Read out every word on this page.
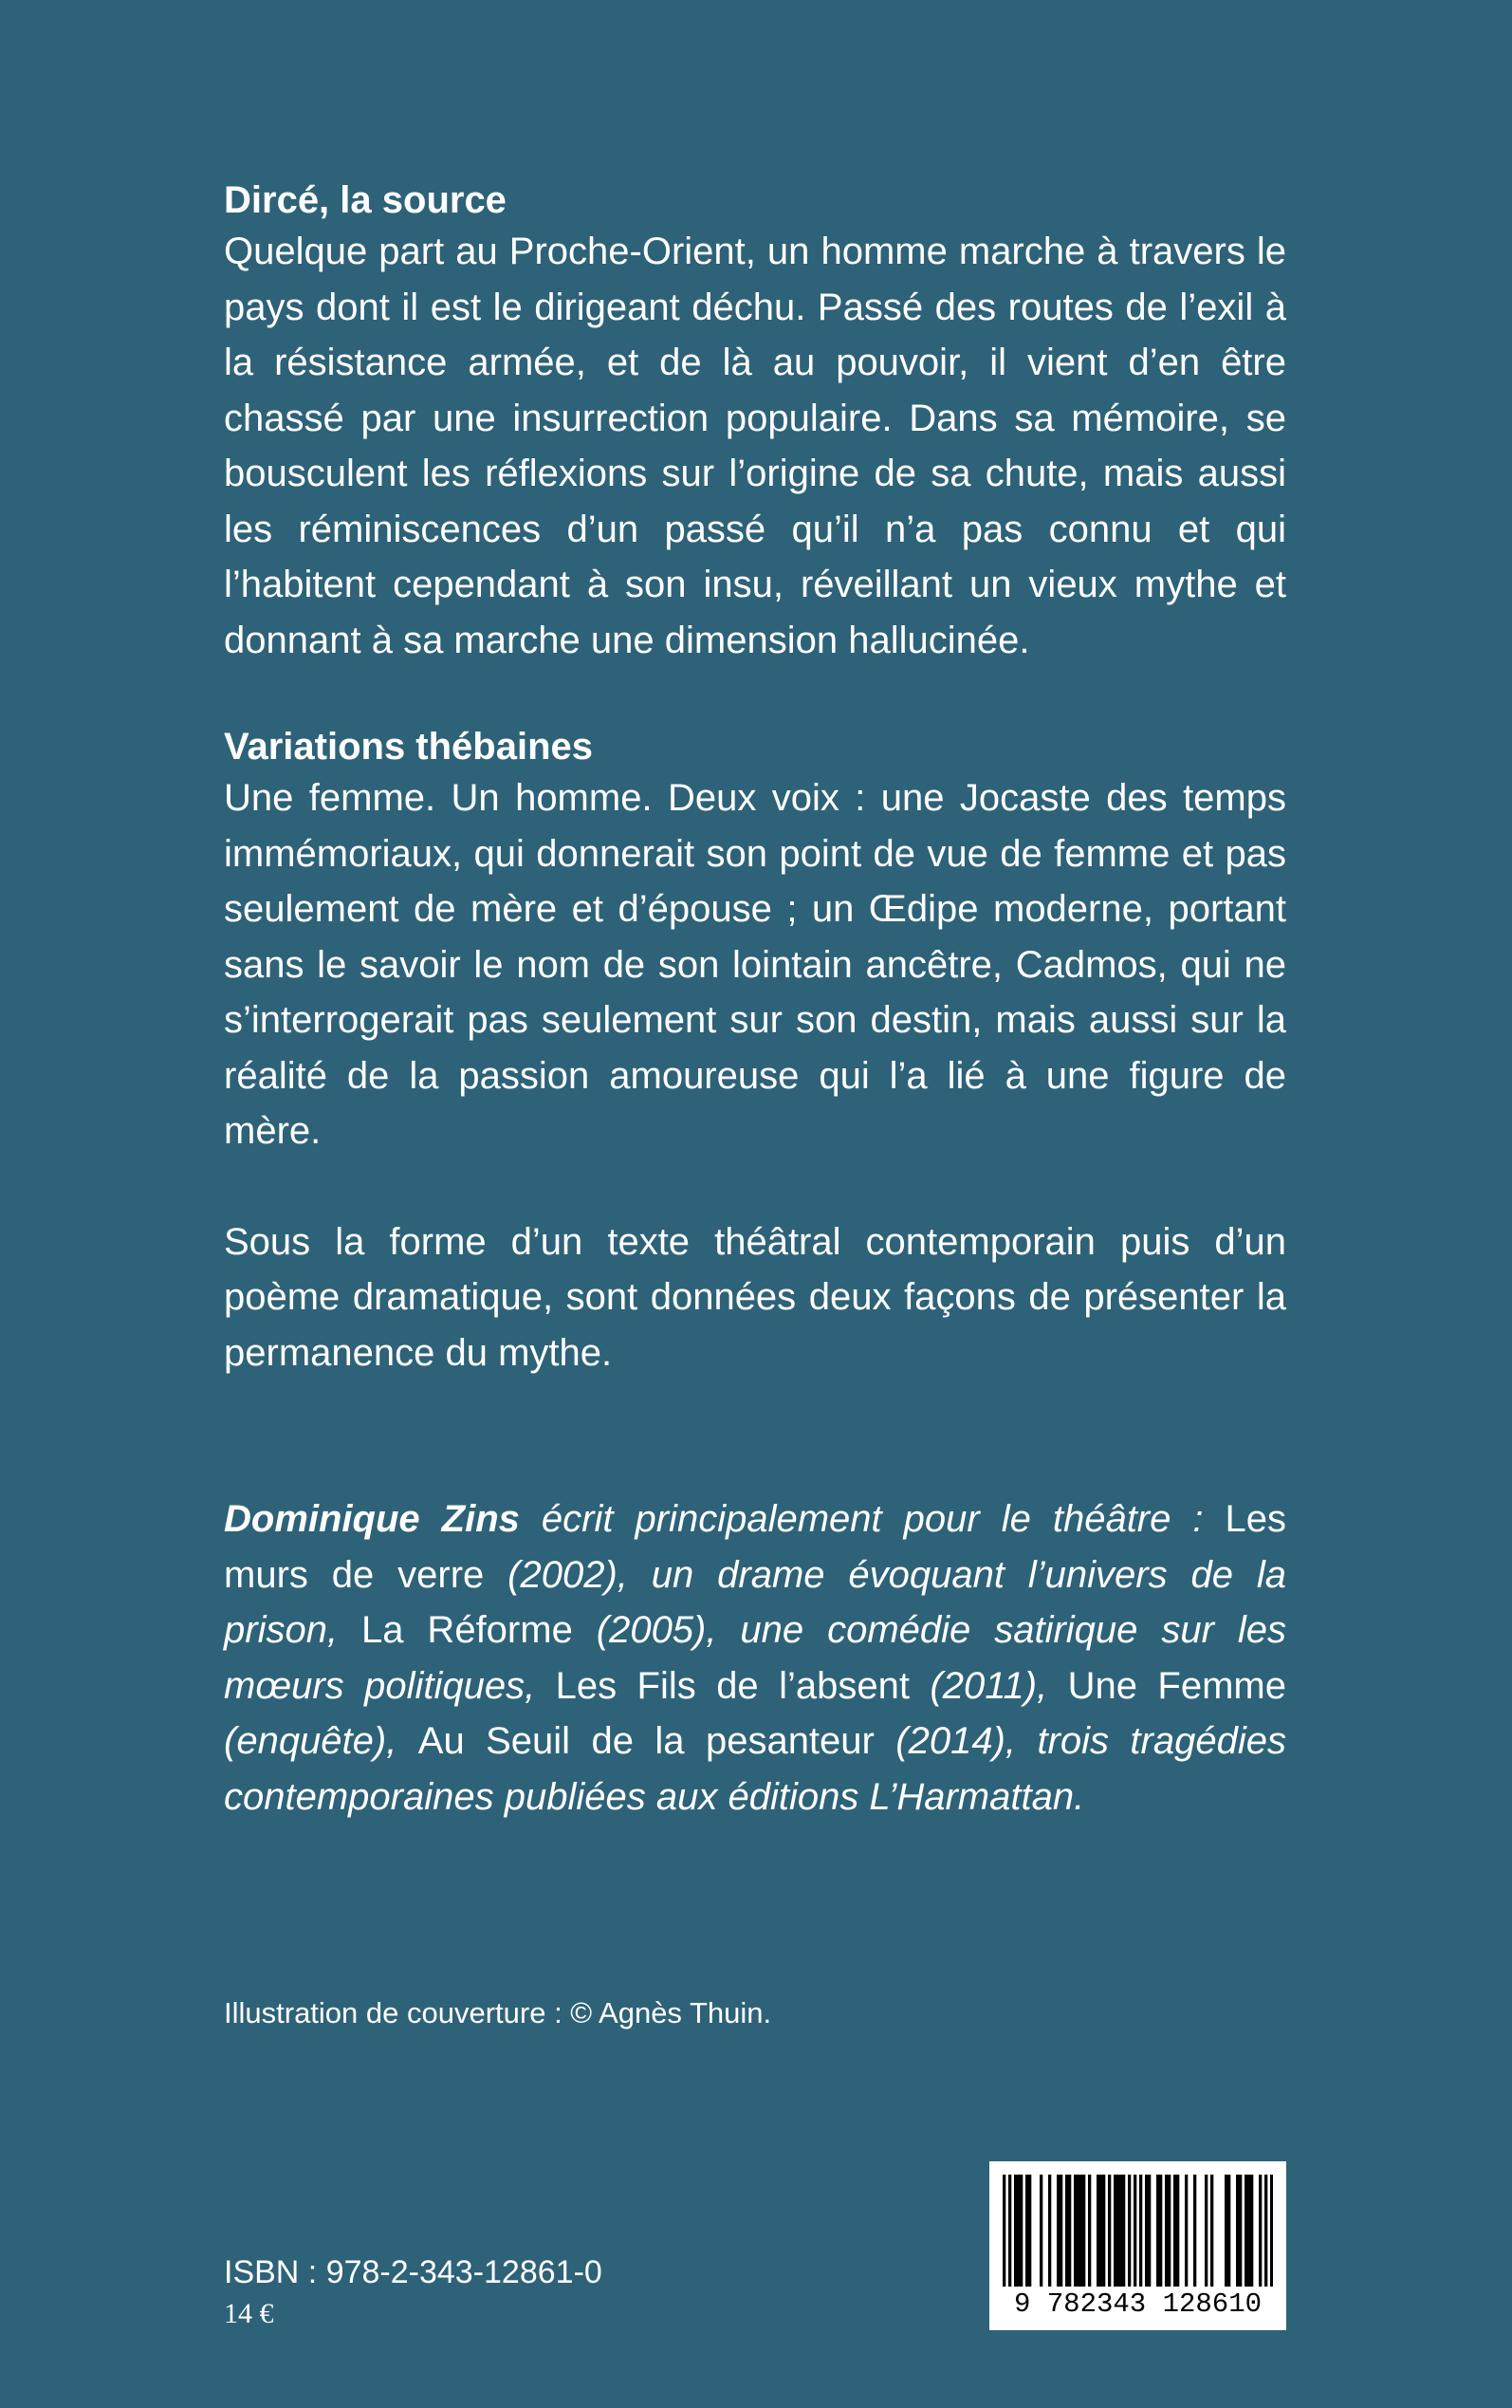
Dircé, la source

Quelque part au Proche-Orient, un homme marche à travers le pays dont il est le dirigeant déchu. Passé des routes de l’exil à la résistance armée, et de là au pouvoir, il vient d’en être chassé par une insurrection populaire. Dans sa mémoire, se bousculent les réflexions sur l’origine de sa chute, mais aussi les réminiscences d’un passé qu’il n’a pas connu et qui l’habitent cependant à son insu, réveillant un vieux mythe et donnant à sa marche une dimension hallucinée.

Variations thébaines

Une femme. Un homme. Deux voix : une Jocaste des temps immémoriaux, qui donnerait son point de vue de femme et pas seulement de mère et d’épouse ; un Œdipe moderne, portant sans le savoir le nom de son lointain ancêtre, Cadmos, qui ne s’interrogerait pas seulement sur son destin, mais aussi sur la réalité de la passion amoureuse qui l’a lié à une figure de mère.

Sous la forme d’un texte théâtral contemporain puis d’un poème dramatique, sont données deux façons de présenter la permanence du mythe.

Dominique Zins écrit principalement pour le théâtre : Les murs de verre (2002), un drame évoquant l’univers de la prison, La Réforme (2005), une comédie satirique sur les mœurs politiques, Les Fils de l’absent (2011), Une Femme (enquête), Au Seuil de la pesanteur (2014), trois tragédies contemporaines publiées aux éditions L’Harmattan.

Illustration de couverture : © Agnès Thuin.
ISBN : 978-2-343-12861-0
14 €	9 782343 128610
